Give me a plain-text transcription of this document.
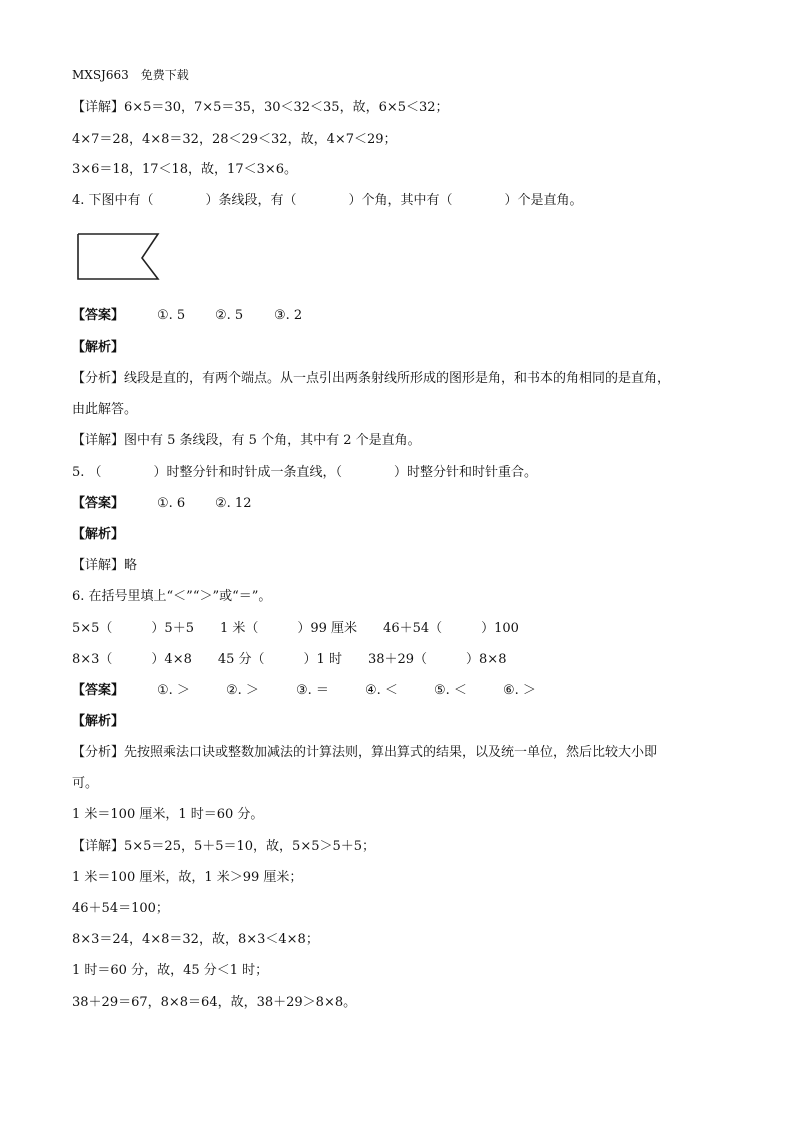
MXSJ663　免费下载
【详解】6×5＝30，7×5＝35，30＜32＜35，故，6×5＜32；
4×7＝28，4×8＝32，28＜29＜32，故，4×7＜29；
3×6＝18，17＜18，故，17＜3×6。
4. 下图中有（　　　　）条线段，有（　　　　）个角，其中有（　　　　）个是直角。
【答案】	①. 5 ②. 5 ③. 2
【解析】
【分析】线段是直的，有两个端点。从一点引出两条射线所形成的图形是角，和书本的角相同的是直角，
由此解答。
【详解】图中有 5 条线段，有 5 个角，其中有 2 个是直角。
5. （　　　　）时整分针和时针成一条直线，（　　　　）时整分针和时针重合。
【答案】	①. 6 ②. 12
【解析】
【详解】略
6. 在括号里填上“＜”“＞”或“＝”。
5×5（　　　）5＋5　　1 米（　　　）99 厘米　　46＋54（　　　）100
8×3（　　　）4×8　　45 分（　　　）1 时　　38＋29（　　　）8×8
【答案】	①. ＞	②. ＞	③. ＝	④. ＜	⑤. ＜	⑥. ＞
【解析】
【分析】先按照乘法口诀或整数加减法的计算法则，算出算式的结果，以及统一单位，然后比较大小即
可。
1 米＝100 厘米，1 时＝60 分。
【详解】5×5＝25，5＋5＝10，故，5×5＞5＋5；
1 米＝100 厘米，故，1 米＞99 厘米；
46＋54＝100；
8×3＝24，4×8＝32，故，8×3＜4×8；
1 时＝60 分，故，45 分＜1 时；
38＋29＝67，8×8＝64，故，38＋29＞8×8。
